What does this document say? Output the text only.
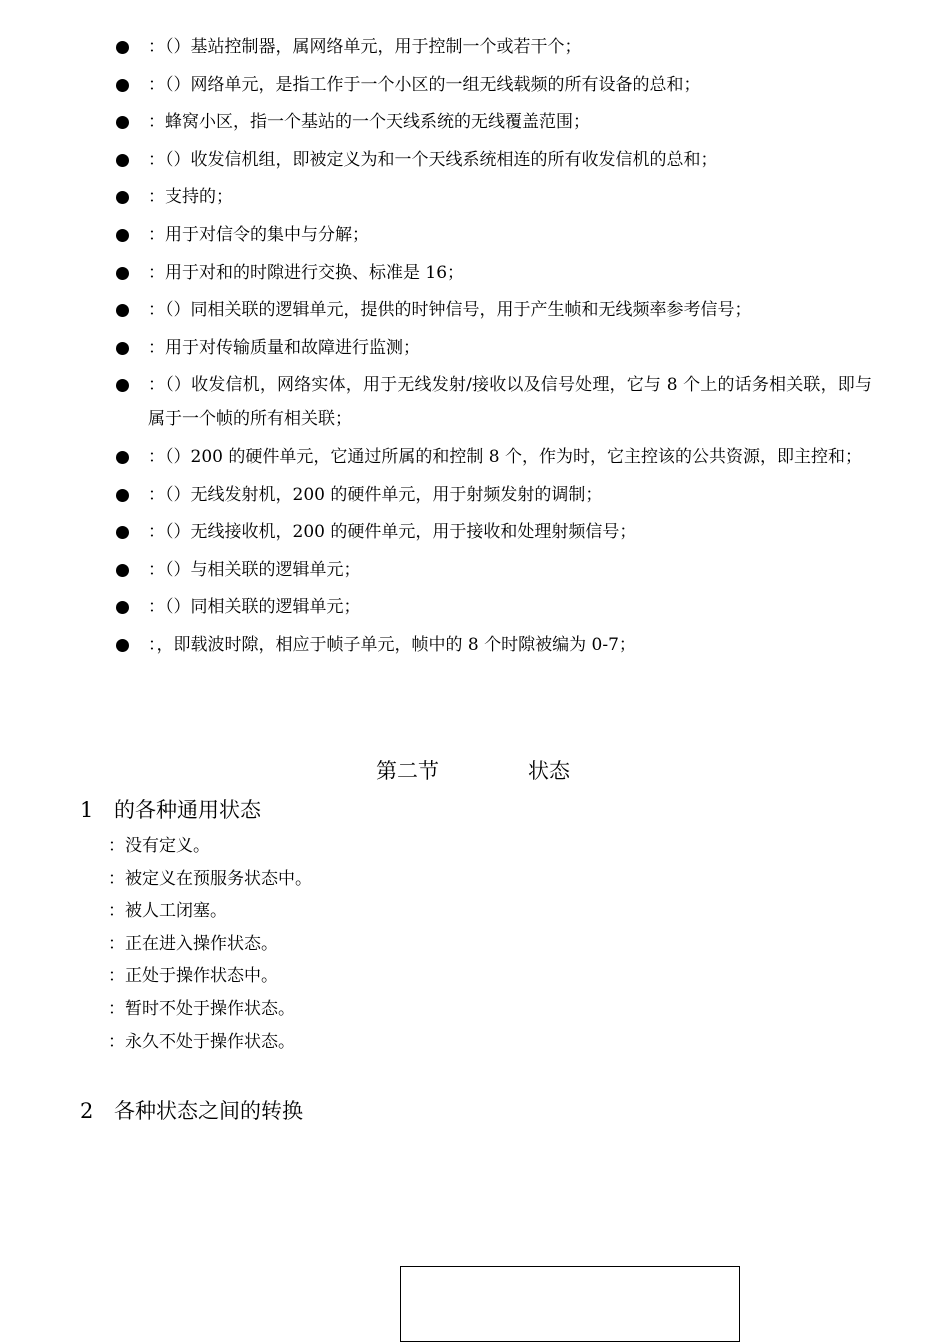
：（）基站控制器，属网络单元，用于控制一个或若干个；
：（）网络单元，是指工作于一个小区的一组无线载频的所有设备的总和；
：蜂窝小区，指一个基站的一个天线系统的无线覆盖范围；
：（）收发信机组，即被定义为和一个天线系统相连的所有收发信机的总和；
：支持的；
：用于对信令的集中与分解；
：用于对和的时隙进行交换、标准是 16；
：（）同相关联的逻辑单元，提供的时钟信号，用于产生帧和无线频率参考信号；
：用于对传输质量和故障进行监测；
：（）收发信机，网络实体，用于无线发射/接收以及信号处理，它与 8 个上的话务相关联，即与属于一个帧的所有相关联；
：（）200 的硬件单元，它通过所属的和控制 8 个，作为时，它主控该的公共资源，即主控和；
：（）无线发射机，200 的硬件单元，用于射频发射的调制；
：（）无线接收机，200 的硬件单元，用于接收和处理射频信号；
：（）与相关联的逻辑单元；
：（）同相关联的逻辑单元；
：，即载波时隙，相应于帧子单元，帧中的 8 个时隙被编为 0-7；
第二节	状态
1 的各种通用状态
：没有定义。
：被定义在预服务状态中。
：被人工闭塞。
：正在进入操作状态。
：正处于操作状态中。
：暂时不处于操作状态。
：永久不处于操作状态。
2 各种状态之间的转换
